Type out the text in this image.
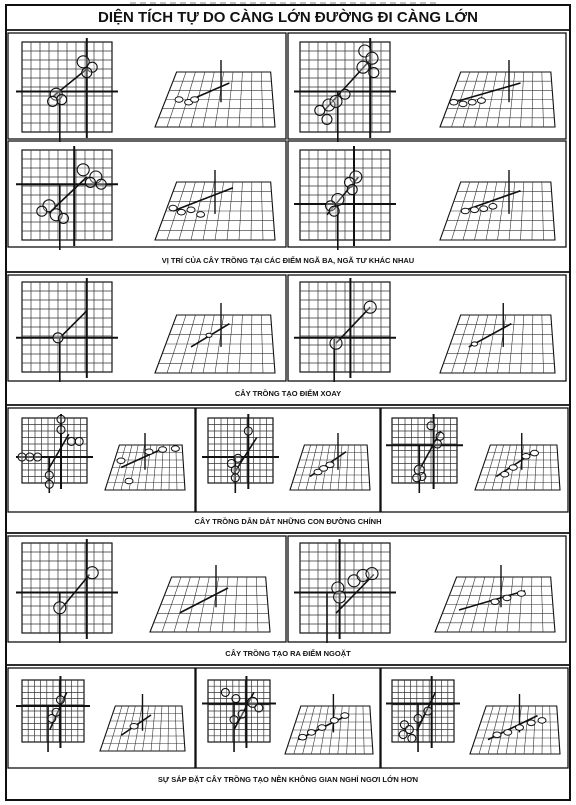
DIỆN TÍCH TỰ DO CÀNG LỚN ĐƯỜNG ĐI CÀNG LỚN
VỊ TRÍ CỦA CÂY TRỒNG TẠI CÁC ĐIỂM NGÃ BA, NGÃ TƯ KHÁC NHAU
CÂY TRỒNG TẠO ĐIỂM XOAY
CÂY TRỒNG DẪN DẮT NHỮNG CON ĐƯỜNG CHÍNH
CÂY TRỒNG TẠO RA ĐIỂM NGOẶT
SỰ SẮP ĐẶT CÂY TRỒNG TẠO NÊN KHÔNG GIAN NGHỈ NGƠI LỚN HƠN
